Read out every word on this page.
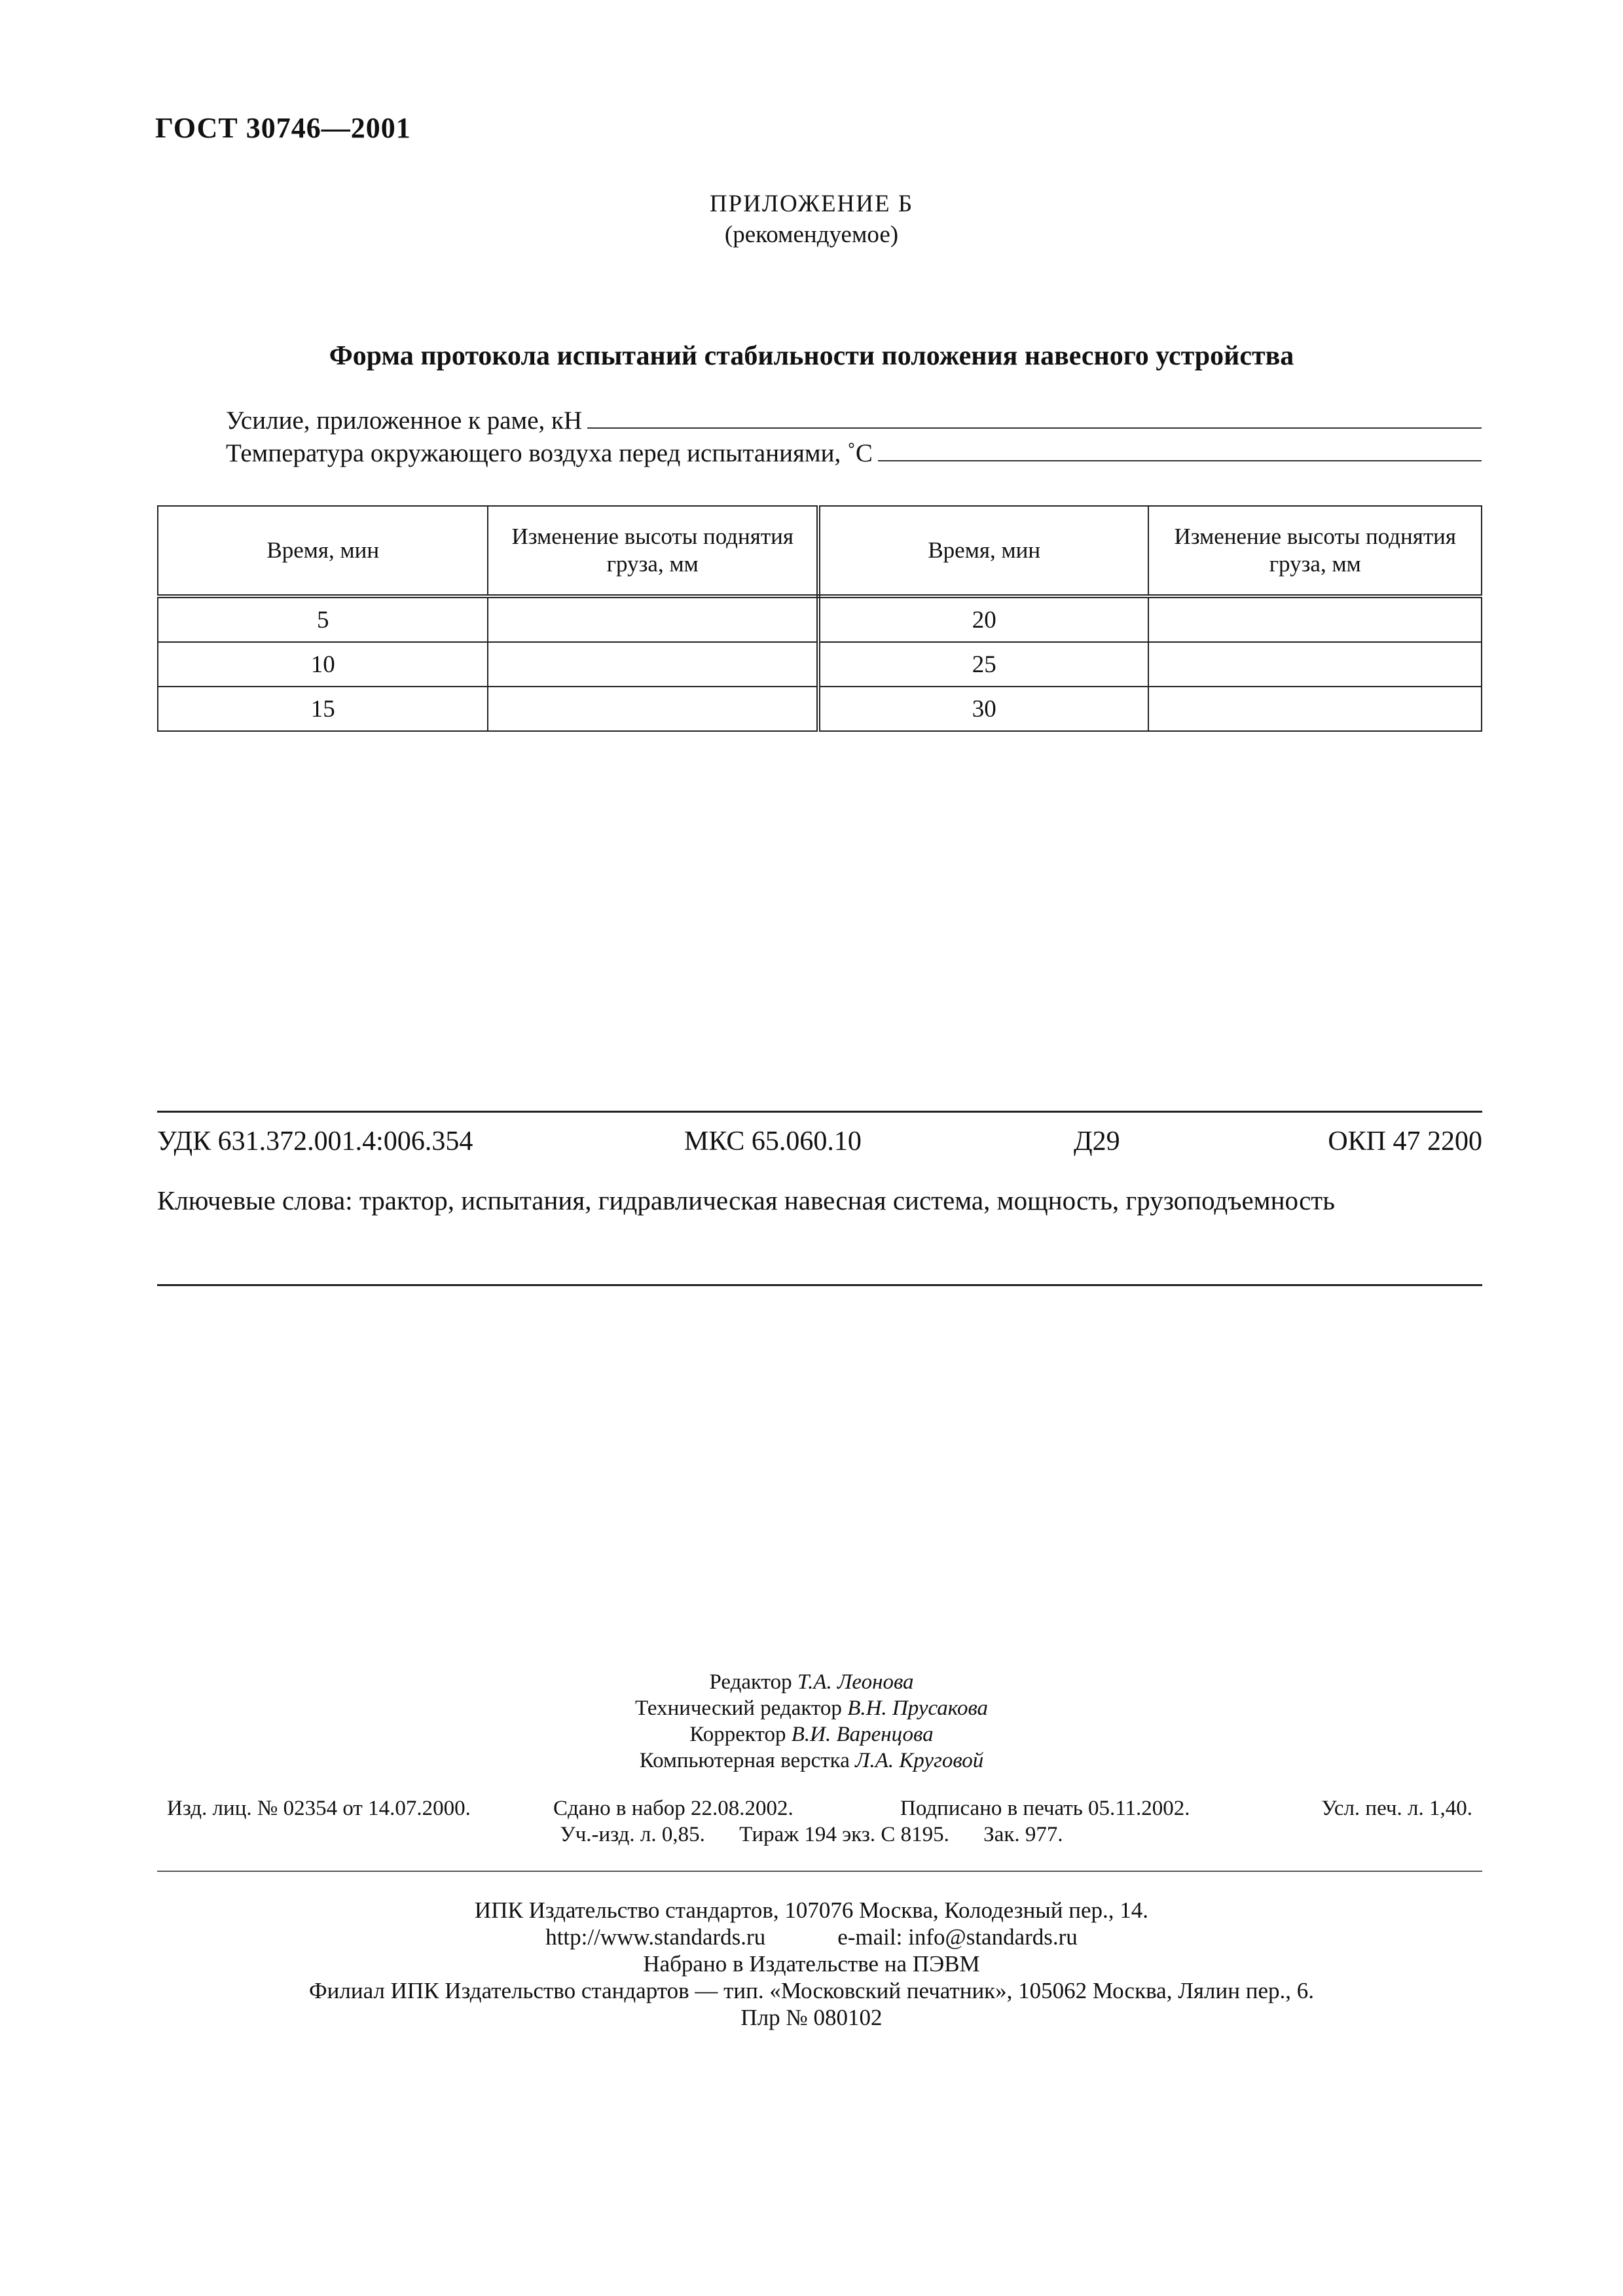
ГОСТ 30746—2001
ПРИЛОЖЕНИЕ Б
(рекомендуемое)
Форма протокола испытаний стабильности положения навесного устройства
Усилие, приложенное к раме, кН
Температура окружающего воздуха перед испытаниями, ˚С
Время, мин	Изменение высоты поднятия груза, мм	Время, мин	Изменение высоты поднятия груза, мм
5		20	
10		25	
15		30	
УДК 631.372.001.4:006.354	МКС 65.060.10	Д29	ОКП 47 2200
Ключевые слова: трактор, испытания, гидравлическая навесная система, мощность, грузоподъемность
Редактор Т.А. Леонова
Технический редактор В.Н. Прусакова
Корректор В.И. Варенцова
Компьютерная верстка Л.А. Круговой
Изд. лиц. № 02354 от 14.07.2000.	Сдано в набор 22.08.2002.	Подписано в печать 05.11.2002.	Усл. печ. л. 1,40.
Уч.-изд. л. 0,85. Тираж 194 экз. С 8195. Зак. 977.
ИПК Издательство стандартов, 107076 Москва, Колодезный пер., 14.
http://www.standards.ru	e-mail: info@standards.ru
Набрано в Издательстве на ПЭВМ
Филиал ИПК Издательство стандартов — тип. «Московский печатник», 105062 Москва, Лялин пер., 6.
Плр № 080102
